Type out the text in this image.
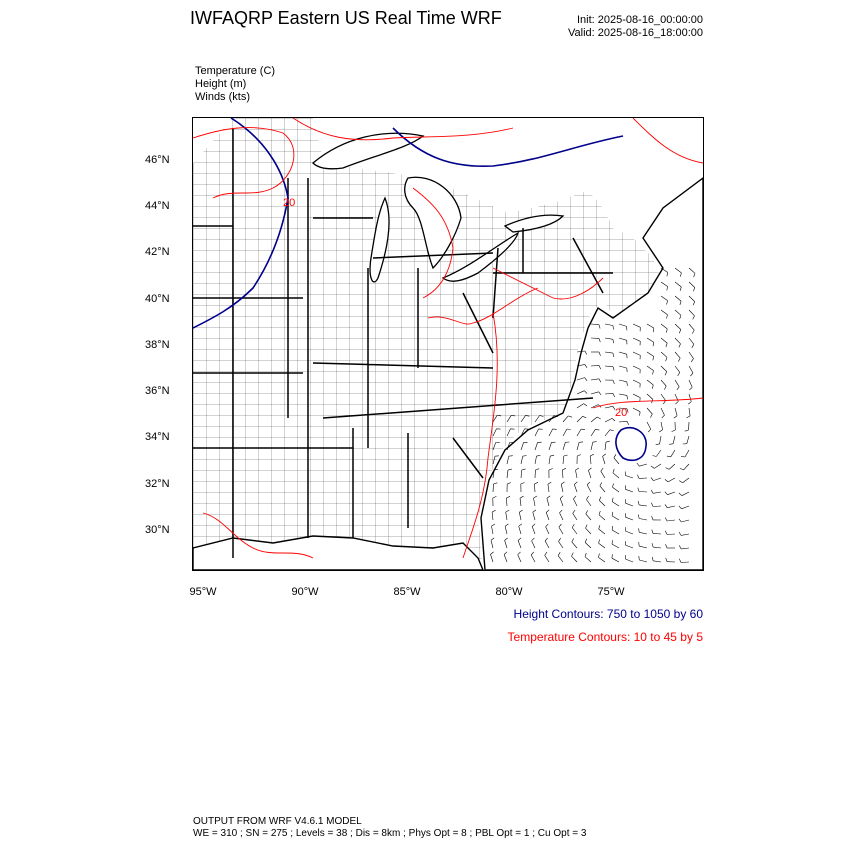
IWFAQRP Eastern US Real Time WRF	Init: 2025-08-16_00:00:00
Valid: 2025-08-16_18:00:00
Temperature (C)
Height (m)
Winds (kts)
20
20
46°N
44°N
42°N
40°N
38°N
36°N
34°N
32°N
30°N
95°W	90°W	85°W	80°W	75°W
Height Contours: 750 to 1050 by 60
Temperature Contours: 10 to 45 by 5
OUTPUT FROM WRF V4.6.1 MODEL
WE = 310 ; SN = 275 ; Levels = 38 ; Dis = 8km ; Phys Opt = 8 ; PBL Opt = 1 ; Cu Opt = 3
